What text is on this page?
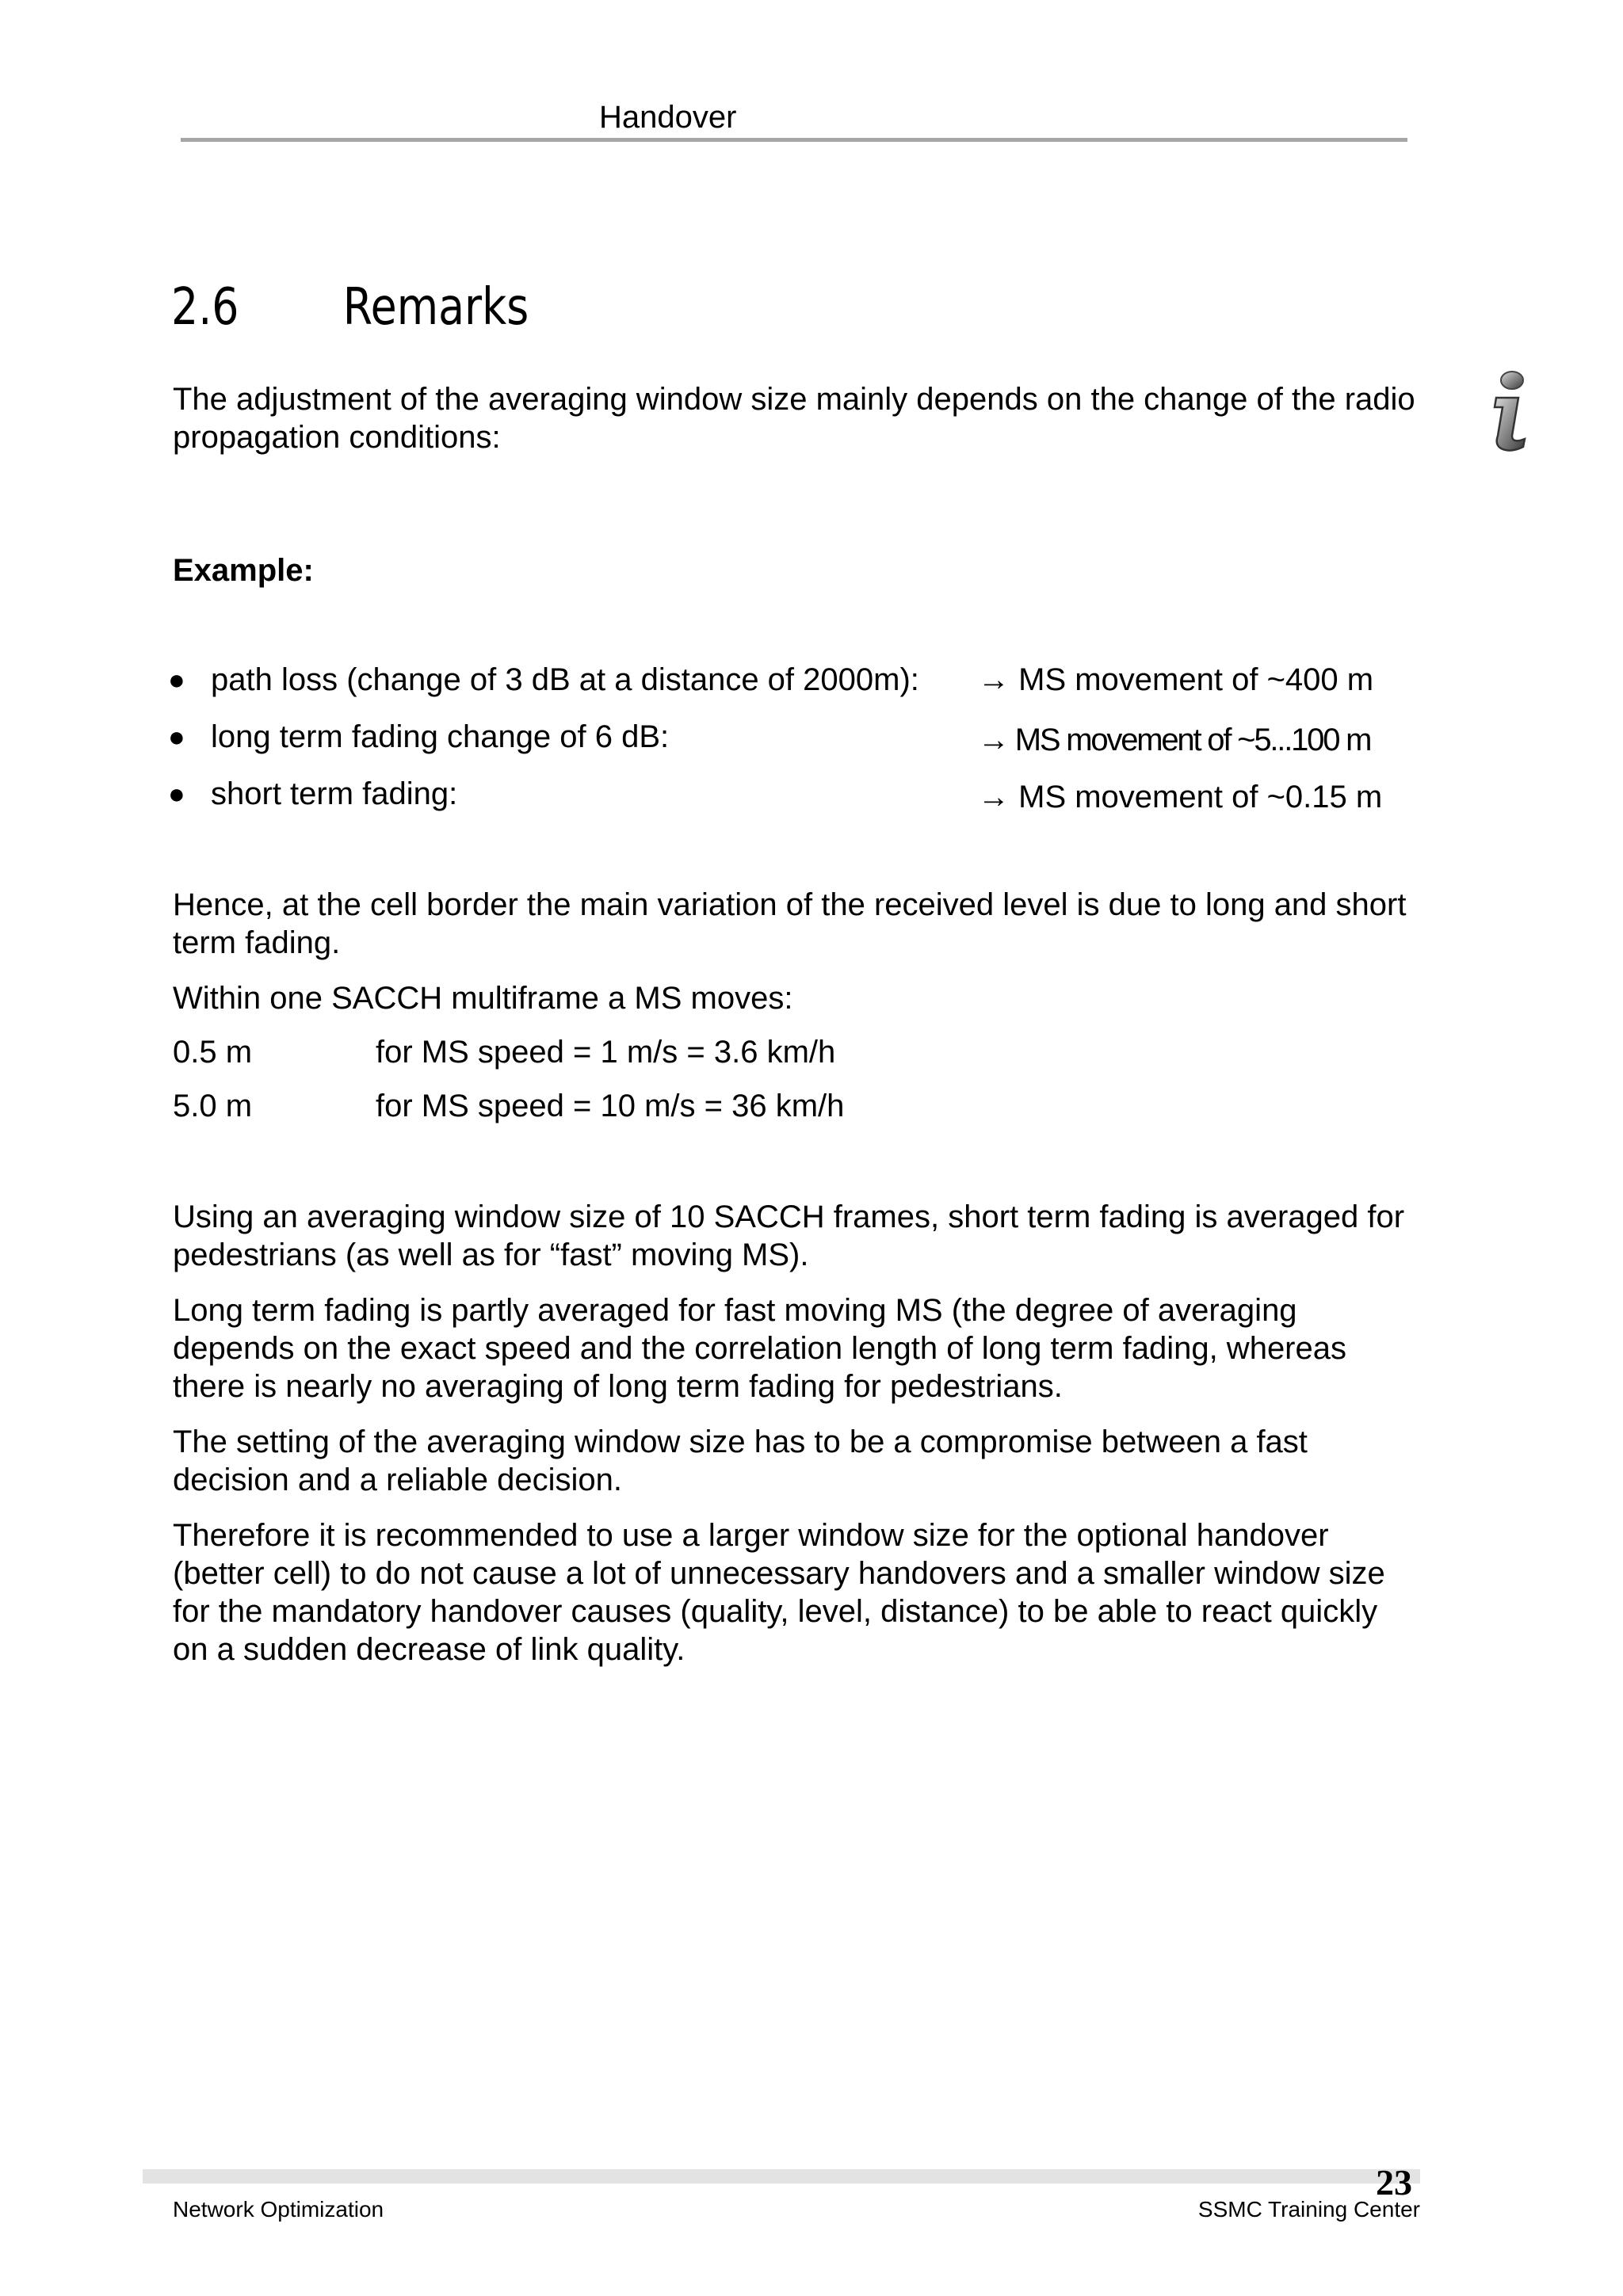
Handover
2.6 Remarks
The adjustment of the averaging window size mainly depends on the change of the radio propagation conditions:
Example:
● path loss (change of 3 dB at a distance of 2000m): → MS movement of ~400 m
● long term fading change of 6 dB:	→ MS movement of ~5...100 m
● short term fading:	→ MS movement of ~0.15 m
Hence, at the cell border the main variation of the received level is due to long and short term fading.
Within one SACCH multiframe a MS moves:
0.5 m	for MS speed = 1 m/s = 3.6 km/h
5.0 m	for MS speed = 10 m/s = 36 km/h
Using an averaging window size of 10 SACCH frames, short term fading is averaged for pedestrians (as well as for “fast” moving MS).
Long term fading is partly averaged for fast moving MS (the degree of averaging depends on the exact speed and the correlation length of long term fading, whereas there is nearly no averaging of long term fading for pedestrians.
The setting of the averaging window size has to be a compromise between a fast decision and a reliable decision.
Therefore it is recommended to use a larger window size for the optional handover (better cell) to do not cause a lot of unnecessary handovers and a smaller window size for the mandatory handover causes (quality, level, distance) to be able to react quickly on a sudden decrease of link quality.
23
Network Optimization	SSMC Training Center
